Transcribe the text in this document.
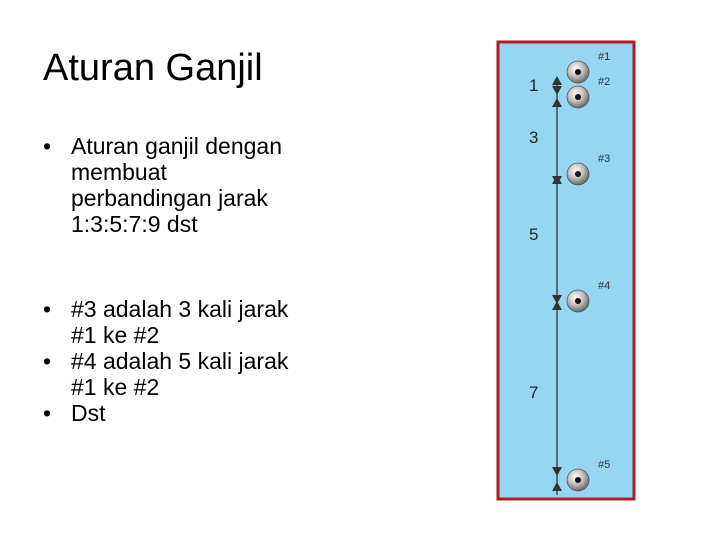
Aturan Ganjil
• Aturan ganjil dengan
membuat
perbandingan jarak
1:3:5:7:9 dst
• #3 adalah 3 kali jarak
#1 ke #2
• #4 adalah 5 kali jarak
#1 ke #2
• Dst
#1
#2
#3
#4
#5
1
3
5
7
